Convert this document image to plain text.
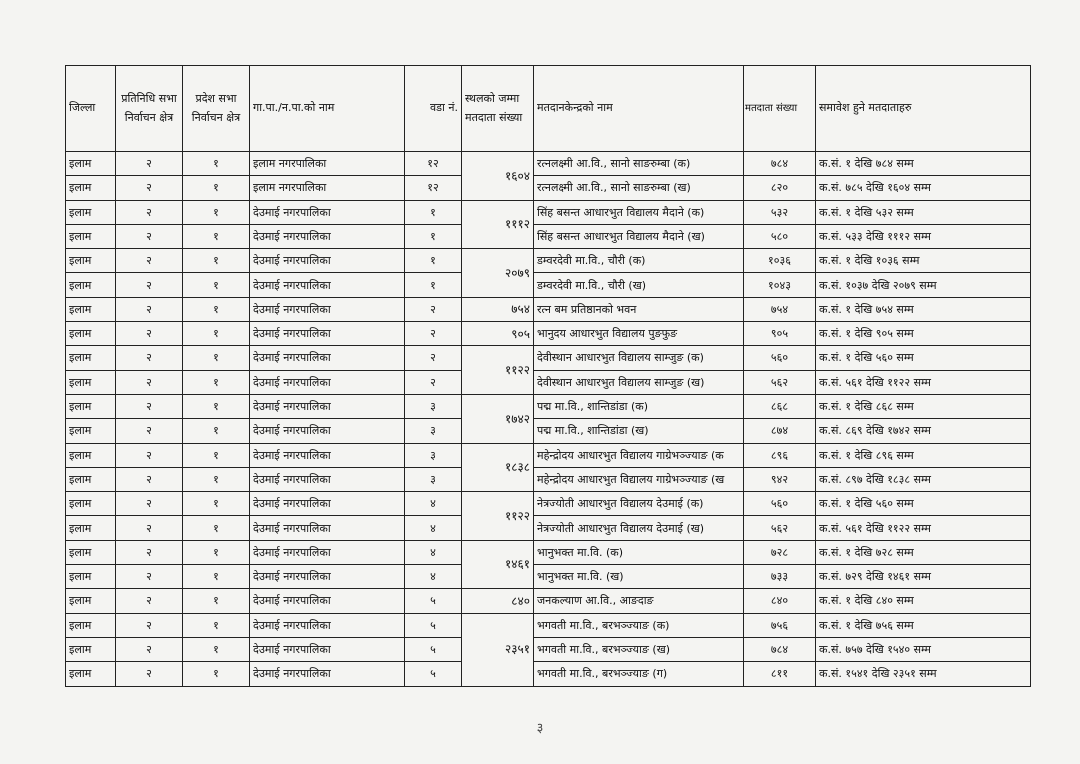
जिल्ला	प्रतिनिधि सभा निर्वाचन क्षेत्र	प्रदेश सभा निर्वाचन क्षेत्र	गा.पा./न.पा.को नाम	वडा नं.	स्थलको जम्मा मतदाता संख्या	मतदानकेन्द्रको नाम	मतदाता संख्या	समावेश हुने मतदाताहरु
इलाम	२	१	इलाम नगरपालिका	१२	१६०४	रत्नलक्ष्मी आ.वि., सानो साङरुम्बा (क)	७८४	क.सं. १ देखि ७८४ सम्म
इलाम	२	१	इलाम नगरपालिका	१२		रत्नलक्ष्मी आ.वि., सानो साङरुम्बा (ख)	८२०	क.सं. ७८५ देखि १६०४ सम्म
इलाम	२	१	देउमाई नगरपालिका	१	१११२	सिंह बसन्त आधारभुत विद्यालय मैदाने (क)	५३२	क.सं. १ देखि ५३२ सम्म
इलाम	२	१	देउमाई नगरपालिका	१		सिंह बसन्त आधारभुत विद्यालय मैदाने (ख)	५८०	क.सं. ५३३ देखि १११२ सम्म
इलाम	२	१	देउमाई नगरपालिका	१	२०७९	डम्वरदेवी मा.वि., चौरी (क)	१०३६	क.सं. १ देखि १०३६ सम्म
इलाम	२	१	देउमाई नगरपालिका	१		डम्वरदेवी मा.वि., चौरी (ख)	१०४३	क.सं. १०३७ देखि २०७९ सम्म
इलाम	२	१	देउमाई नगरपालिका	२	७५४	रत्न बम प्रतिष्ठानको भवन	७५४	क.सं. १ देखि ७५४ सम्म
इलाम	२	१	देउमाई नगरपालिका	२	९०५	भानुदय आधारभुत विद्यालय पुङफुङ	९०५	क.सं. १ देखि ९०५ सम्म
इलाम	२	१	देउमाई नगरपालिका	२	११२२	देवीस्थान आधारभुत विद्यालय साम्जुङ (क)	५६०	क.सं. १ देखि ५६० सम्म
इलाम	२	१	देउमाई नगरपालिका	२		देवीस्थान आधारभुत विद्यालय साम्जुङ (ख)	५६२	क.सं. ५६१ देखि ११२२ सम्म
इलाम	२	१	देउमाई नगरपालिका	३	१७४२	पद्म मा.वि., शान्तिडांडा (क)	८६८	क.सं. १ देखि ८६८ सम्म
इलाम	२	१	देउमाई नगरपालिका	३		पद्म मा.वि., शान्तिडांडा (ख)	८७४	क.सं. ८६९ देखि १७४२ सम्म
इलाम	२	१	देउमाई नगरपालिका	३	१८३८	महेन्द्रोदय आधारभुत विद्यालय गाग्रेभञ्ज्याङ (क	८९६	क.सं. १ देखि ८९६ सम्म
इलाम	२	१	देउमाई नगरपालिका	३		महेन्द्रोदय आधारभुत विद्यालय गाग्रेभञ्ज्याङ (ख	९४२	क.सं. ८९७ देखि १८३८ सम्म
इलाम	२	१	देउमाई नगरपालिका	४	११२२	नेत्रज्योती आधारभुत विद्यालय देउमाई (क)	५६०	क.सं. १ देखि ५६० सम्म
इलाम	२	१	देउमाई नगरपालिका	४		नेत्रज्योती आधारभुत विद्यालय देउमाई (ख)	५६२	क.सं. ५६१ देखि ११२२ सम्म
इलाम	२	१	देउमाई नगरपालिका	४	१४६१	भानुभक्त मा.वि. (क)	७२८	क.सं. १ देखि ७२८ सम्म
इलाम	२	१	देउमाई नगरपालिका	४		भानुभक्त मा.वि. (ख)	७३३	क.सं. ७२९ देखि १४६१ सम्म
इलाम	२	१	देउमाई नगरपालिका	५	८४०	जनकल्याण आ.वि., आङदाङ	८४०	क.सं. १ देखि ८४० सम्म
इलाम	२	१	देउमाई नगरपालिका	५	२३५१	भगवती मा.वि., बरभञ्ज्याङ (क)	७५६	क.सं. १ देखि ७५६ सम्म
इलाम	२	१	देउमाई नगरपालिका	५		भगवती मा.वि., बरभञ्ज्याङ (ख)	७८४	क.सं. ७५७ देखि १५४० सम्म
इलाम	२	१	देउमाई नगरपालिका	५		भगवती मा.वि., बरभञ्ज्याङ (ग)	८११	क.सं. १५४१ देखि २३५१ सम्म
३
